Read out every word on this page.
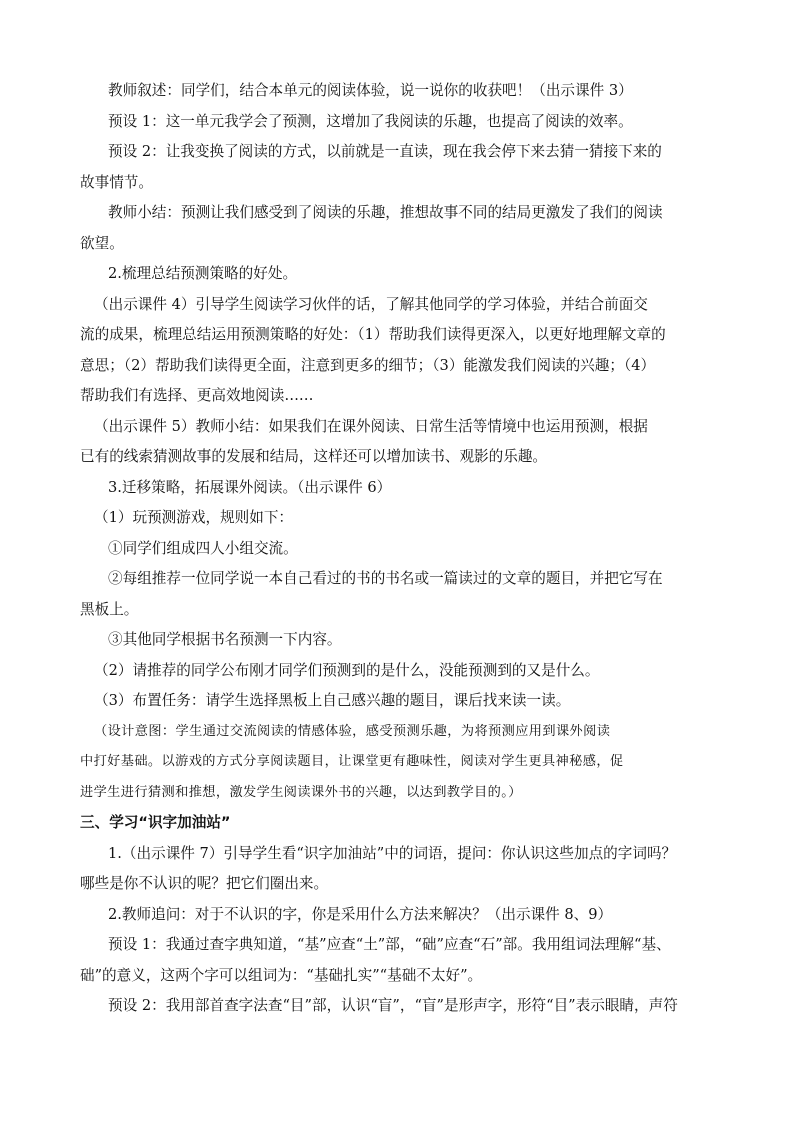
教师叙述：同学们，结合本单元的阅读体验，说一说你的收获吧！（出示课件 3）
预设 1：这一单元我学会了预测，这增加了我阅读的乐趣，也提高了阅读的效率。
预设 2：让我变换了阅读的方式，以前就是一直读，现在我会停下来去猜一猜接下来的
故事情节。
教师小结：预测让我们感受到了阅读的乐趣，推想故事不同的结局更激发了我们的阅读
欲望。
2.梳理总结预测策略的好处。
（出示课件 4）引导学生阅读学习伙伴的话，了解其他同学的学习体验，并结合前面交
流的成果，梳理总结运用预测策略的好处：（1）帮助我们读得更深入，以更好地理解文章的
意思；（2）帮助我们读得更全面，注意到更多的细节；（3）能激发我们阅读的兴趣；（4）
帮助我们有选择、更高效地阅读……
（出示课件 5）教师小结：如果我们在课外阅读、日常生活等情境中也运用预测，根据
已有的线索猜测故事的发展和结局，这样还可以增加读书、观影的乐趣。
3.迁移策略，拓展课外阅读。（出示课件 6）
（1）玩预测游戏，规则如下：
①同学们组成四人小组交流。
②每组推荐一位同学说一本自己看过的书的书名或一篇读过的文章的题目，并把它写在
黑板上。
③其他同学根据书名预测一下内容。
（2）请推荐的同学公布刚才同学们预测到的是什么，没能预测到的又是什么。
（3）布置任务：请学生选择黑板上自己感兴趣的题目，课后找来读一读。
（设计意图：学生通过交流阅读的情感体验，感受预测乐趣，为将预测应用到课外阅读
中打好基础。以游戏的方式分享阅读题目，让课堂更有趣味性，阅读对学生更具神秘感，促
进学生进行猜测和推想，激发学生阅读课外书的兴趣，以达到教学目的。）
三、学习“识字加油站”
1.（出示课件 7）引导学生看“识字加油站”中的词语，提问：你认识这些加点的字词吗？
哪些是你不认识的呢？把它们圈出来。
2.教师追问：对于不认识的字，你是采用什么方法来解决？（出示课件 8、9）
预设 1：我通过查字典知道，“基”应查“土”部，“础”应查“石”部。我用组词法理解“基、
础”的意义，这两个字可以组词为：“基础扎实”“基础不太好”。
预设 2：我用部首查字法查“目”部，认识“盲”，“盲”是形声字，形符“目”表示眼睛，声符
